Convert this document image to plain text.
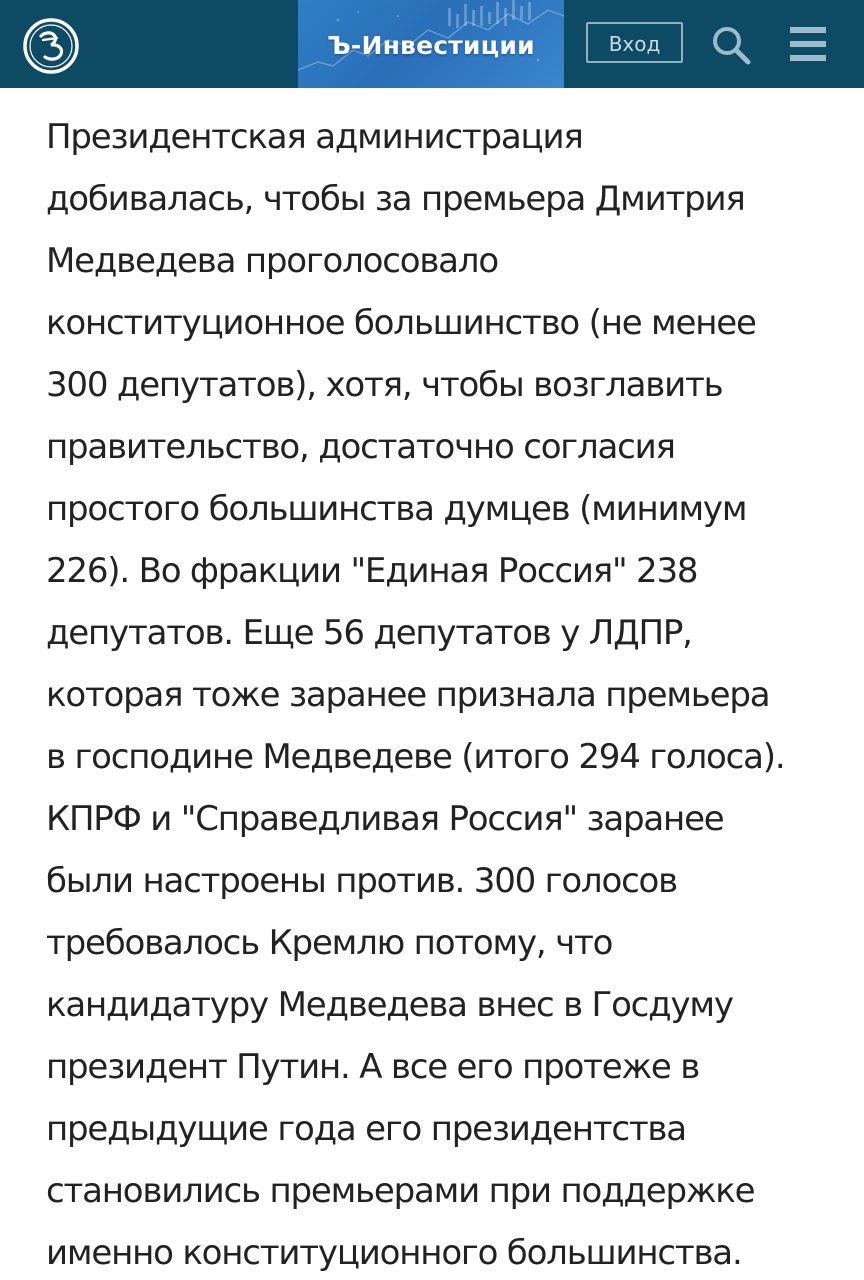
Ъ-Инвестиции	Вход

Президентская администрация
добивалась, чтобы за премьера Дмитрия
Медведева проголосовало
конституционное большинство (не менее
300 депутатов), хотя, чтобы возглавить
правительство, достаточно согласия
простого большинства думцев (минимум
226). Во фракции "Единая Россия" 238
депутатов. Еще 56 депутатов у ЛДПР,
которая тоже заранее признала премьера
в господине Медведеве (итого 294 голоса).
КПРФ и "Справедливая Россия" заранее
были настроены против. 300 голосов
требовалось Кремлю потому, что
кандидатуру Медведева внес в Госдуму
президент Путин. А все его протеже в
предыдущие года его президентства
становились премьерами при поддержке
именно конституционного большинства.
